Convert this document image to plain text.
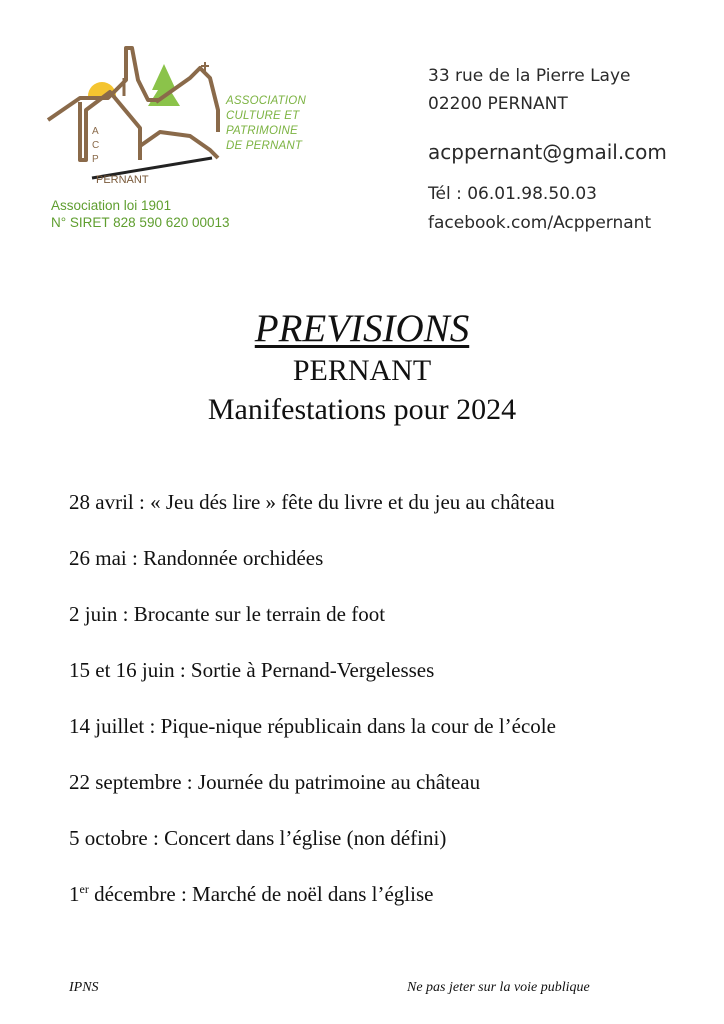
A
C
P
PERNANT
ASSOCIATION
CULTURE ET
PATRIMOINE
DE PERNANT
Association loi 1901
N° SIRET 828 590 620 00013
33 rue de la Pierre Laye
02200 PERNANT
acppernant@gmail.com
Tél : 06.01.98.50.03
facebook.com/Acppernant
PREVISIONS
PERNANT
Manifestations pour 2024
28 avril : « Jeu dés lire » fête du livre et du jeu au château
26 mai : Randonnée orchidées
2 juin : Brocante sur le terrain de foot
15 et 16 juin : Sortie à Pernand-Vergelesses
14 juillet : Pique-nique républicain dans la cour de l’école
22 septembre : Journée du patrimoine au château
5 octobre : Concert dans l’église (non défini)
1er décembre : Marché de noël dans l’église
IPNS	Ne pas jeter sur la voie publique
